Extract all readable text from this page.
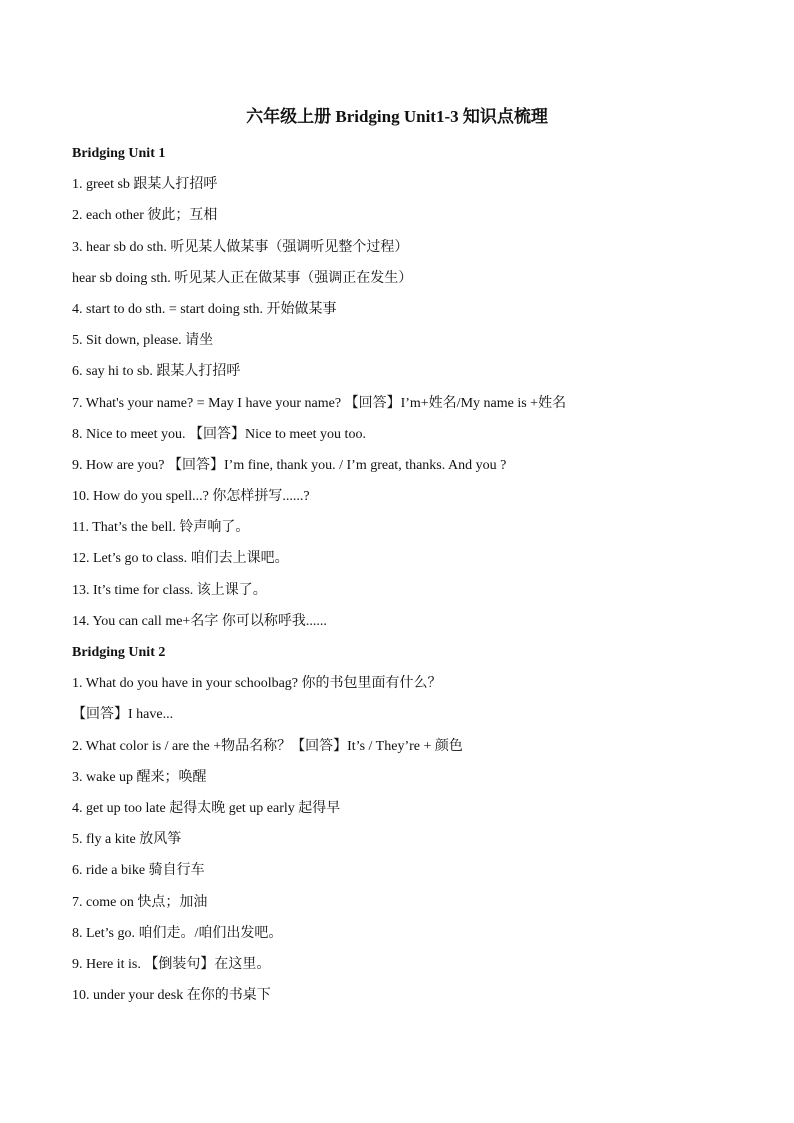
六年级上册 Bridging Unit1-3 知识点梳理
Bridging Unit 1
1. greet sb 跟某人打招呼
2. each other 彼此；互相
3. hear sb do sth. 听见某人做某事（强调听见整个过程）
hear sb doing sth. 听见某人正在做某事（强调正在发生）
4. start to do sth. = start doing sth. 开始做某事
5. Sit down, please. 请坐
6. say hi to sb. 跟某人打招呼
7. What's your name? = May I have your name? 【回答】I’m+姓名/My name is +姓名
8. Nice to meet you. 【回答】Nice to meet you too.
9. How are you? 【回答】I’m fine, thank you. / I’m great, thanks. And you ?
10. How do you spell...? 你怎样拼写......?
11. That’s the bell. 铃声响了。
12. Let’s go to class. 咱们去上课吧。
13. It’s time for class. 该上课了。
14. You can call me+名字 你可以称呼我......
Bridging Unit 2
1. What do you have in your schoolbag? 你的书包里面有什么？
【回答】I have...
2. What color is / are the +物品名称？【回答】It’s / They’re + 颜色
3. wake up 醒来；唤醒
4. get up too late 起得太晚 get up early 起得早
5. fly a kite 放风筝
6. ride a bike 骑自行车
7. come on 快点；加油
8. Let’s go. 咱们走。/咱们出发吧。
9. Here it is. 【倒装句】在这里。
10. under your desk 在你的书桌下
